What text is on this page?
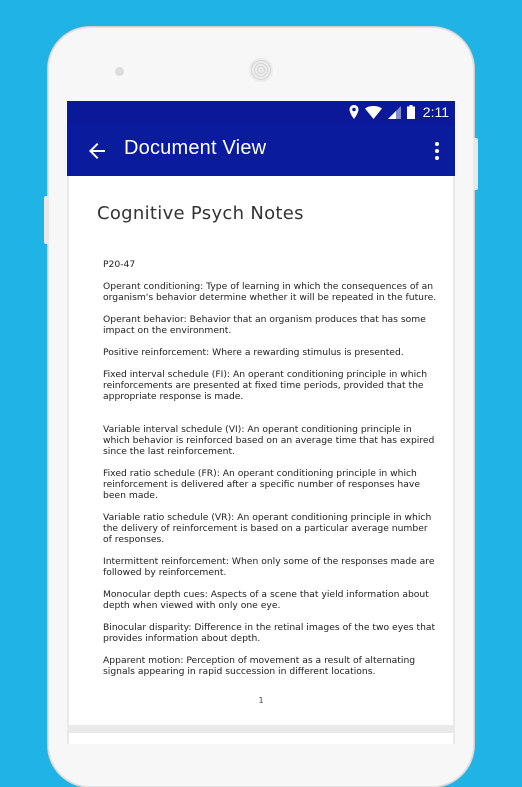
2:11
Document View
Cognitive Psych Notes

P20-47

Operant conditioning: Type of learning in which the consequences of an organism's behavior determine whether it will be repeated in the future.

Operant behavior: Behavior that an organism produces that has some impact on the environment.

Positive reinforcement: Where a rewarding stimulus is presented.

Fixed interval schedule (FI): An operant conditioning principle in which reinforcements are presented at fixed time periods, provided that the appropriate response is made.

Variable interval schedule (VI): An operant conditioning principle in which behavior is reinforced based on an average time that has expired since the last reinforcement.

Fixed ratio schedule (FR): An operant conditioning principle in which reinforcement is delivered after a specific number of responses have been made.

Variable ratio schedule (VR): An operant conditioning principle in which the delivery of reinforcement is based on a particular average number of responses.

Intermittent reinforcement: When only some of the responses made are followed by reinforcement.

Monocular depth cues: Aspects of a scene that yield information about depth when viewed with only one eye.

Binocular disparity: Difference in the retinal images of the two eyes that provides information about depth.

Apparent motion: Perception of movement as a result of alternating signals appearing in rapid succession in different locations.

1
